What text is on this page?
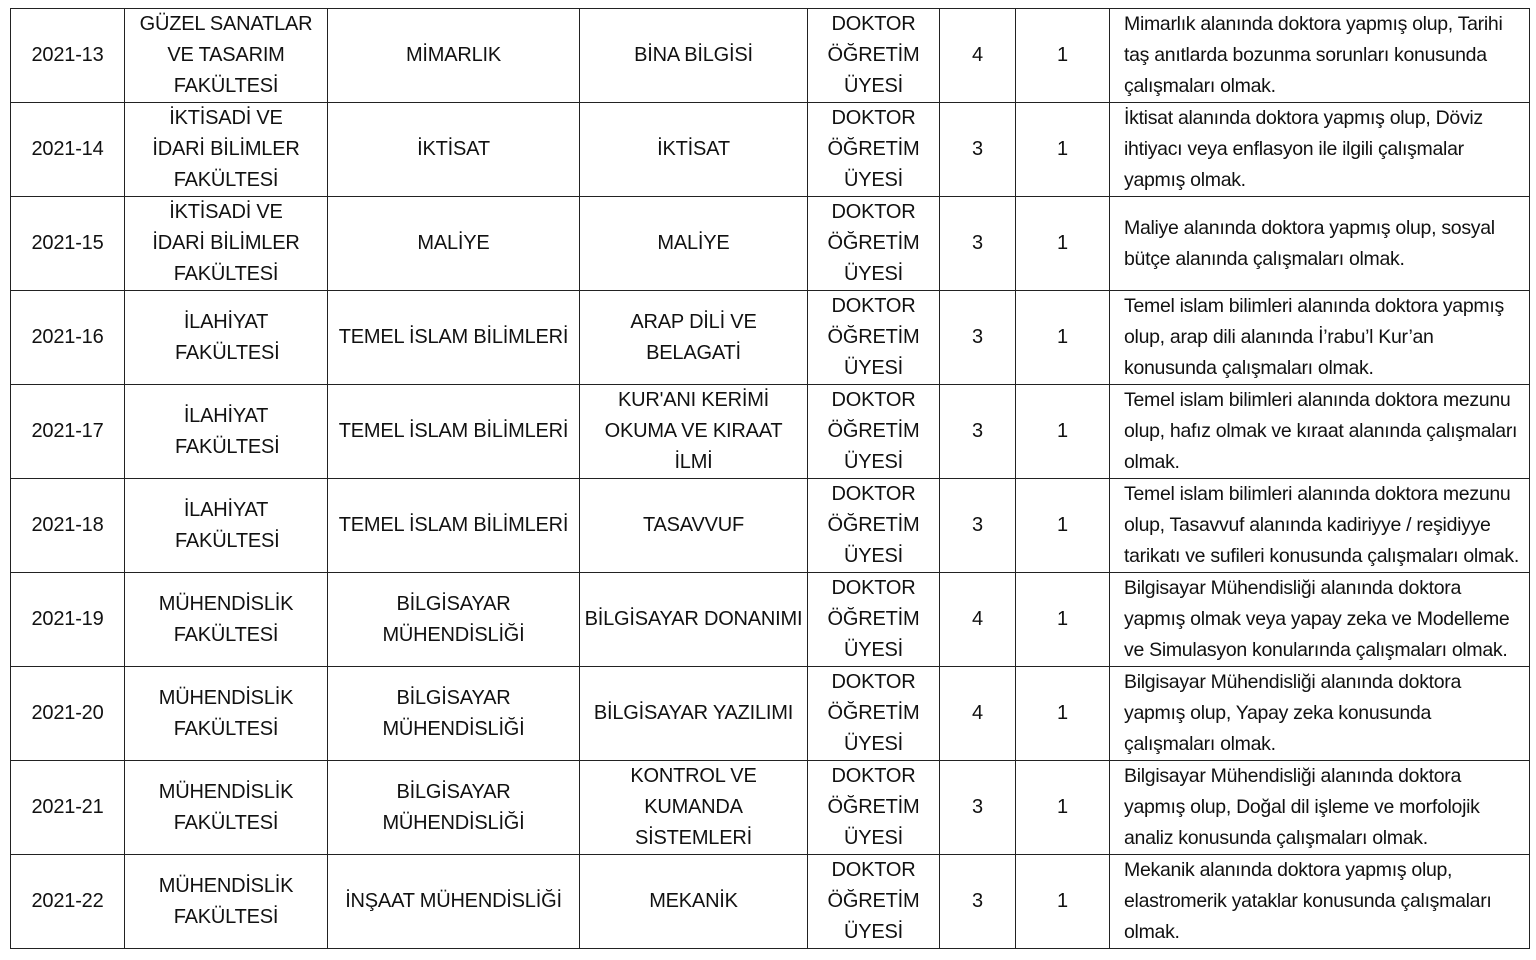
2021-13	GÜZEL SANATLAR VE TASARIM FAKÜLTESİ	MİMARLIK	BİNA BİLGİSİ	DOKTOR ÖĞRETİM ÜYESİ	4	1	Mimarlık alanında doktora yapmış olup, Tarihi taş anıtlarda bozunma sorunları konusunda çalışmaları olmak.
2021-14	İKTİSADİ VE İDARİ BİLİMLER FAKÜLTESİ	İKTİSAT	İKTİSAT	DOKTOR ÖĞRETİM ÜYESİ	3	1	İktisat alanında doktora yapmış olup, Döviz ihtiyacı veya enflasyon ile ilgili çalışmalar yapmış olmak.
2021-15	İKTİSADİ VE İDARİ BİLİMLER FAKÜLTESİ	MALİYE	MALİYE	DOKTOR ÖĞRETİM ÜYESİ	3	1	Maliye alanında doktora yapmış olup, sosyal bütçe alanında çalışmaları olmak.
2021-16	İLAHİYAT FAKÜLTESİ	TEMEL İSLAM BİLİMLERİ	ARAP DİLİ VE BELAGATİ	DOKTOR ÖĞRETİM ÜYESİ	3	1	Temel islam bilimleri alanında doktora yapmış olup, arap dili alanında İ’rabu’l Kur’an konusunda çalışmaları olmak.
2021-17	İLAHİYAT FAKÜLTESİ	TEMEL İSLAM BİLİMLERİ	KUR'ANI KERİMİ OKUMA VE KIRAAT İLMİ	DOKTOR ÖĞRETİM ÜYESİ	3	1	Temel islam bilimleri alanında doktora mezunu olup, hafız olmak ve kıraat alanında çalışmaları olmak.
2021-18	İLAHİYAT FAKÜLTESİ	TEMEL İSLAM BİLİMLERİ	TASAVVUF	DOKTOR ÖĞRETİM ÜYESİ	3	1	Temel islam bilimleri alanında doktora mezunu olup, Tasavvuf alanında kadiriyye / reşidiyye tarikatı ve sufileri konusunda çalışmaları olmak.
2021-19	MÜHENDİSLİK FAKÜLTESİ	BİLGİSAYAR MÜHENDİSLİĞİ	BİLGİSAYAR DONANIMI	DOKTOR ÖĞRETİM ÜYESİ	4	1	Bilgisayar Mühendisliği alanında doktora yapmış olmak veya yapay zeka ve Modelleme ve Simulasyon konularında çalışmaları olmak.
2021-20	MÜHENDİSLİK FAKÜLTESİ	BİLGİSAYAR MÜHENDİSLİĞİ	BİLGİSAYAR YAZILIMI	DOKTOR ÖĞRETİM ÜYESİ	4	1	Bilgisayar Mühendisliği alanında doktora yapmış olup, Yapay zeka konusunda çalışmaları olmak.
2021-21	MÜHENDİSLİK FAKÜLTESİ	BİLGİSAYAR MÜHENDİSLİĞİ	KONTROL VE KUMANDA SİSTEMLERİ	DOKTOR ÖĞRETİM ÜYESİ	3	1	Bilgisayar Mühendisliği alanında doktora yapmış olup, Doğal dil işleme ve morfolojik analiz konusunda çalışmaları olmak.
2021-22	MÜHENDİSLİK FAKÜLTESİ	İNŞAAT MÜHENDİSLİĞİ	MEKANİK	DOKTOR ÖĞRETİM ÜYESİ	3	1	Mekanik alanında doktora yapmış olup, elastromerik yataklar konusunda çalışmaları olmak.
